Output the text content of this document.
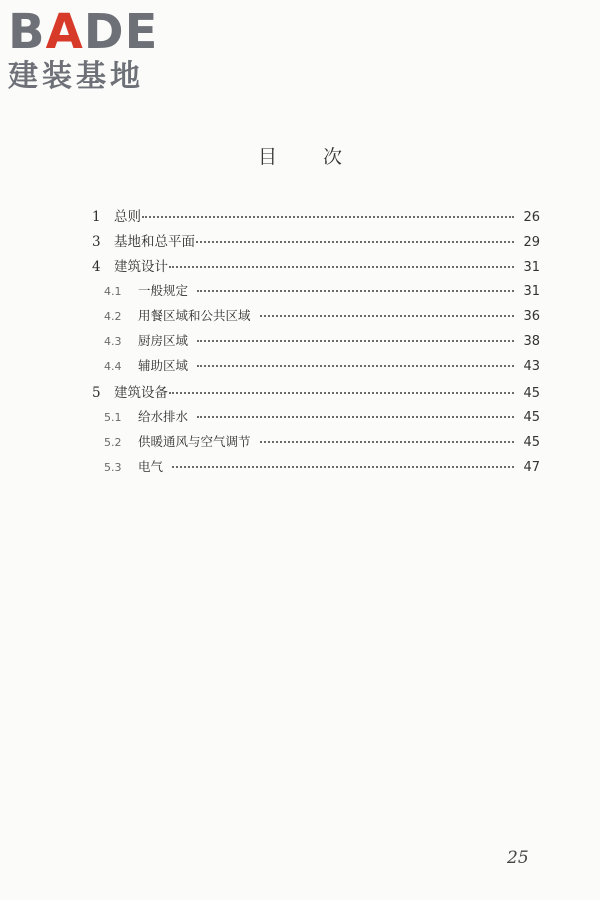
B A D E
建装基地
目次
1 总则	26
3 基地和总平面	29
4 建筑设计	31
4.1	一般规定	31
4.2	用餐区域和公共区域	36
4.3	厨房区域	38
4.4	辅助区域	43
5 建筑设备	45
5.1	给水排水	45
5.2	供暖通风与空气调节	45
5.3	电气	47
25
